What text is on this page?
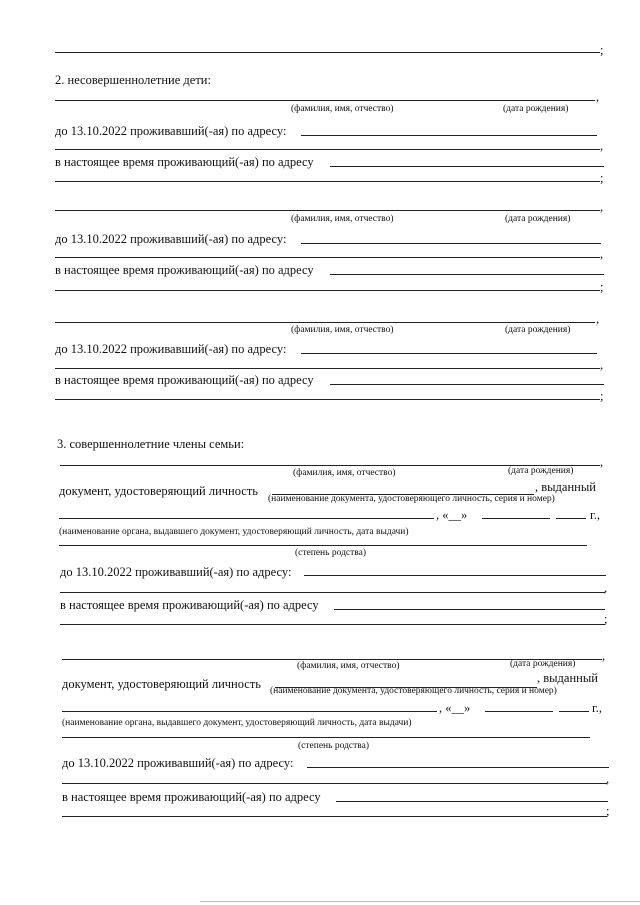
;
2. несовершеннолетние дети:
,
(фамилия, имя, отчество)	(дата рождения)
до 13.10.2022 проживавший(-ая) по адресу:
,
в настоящее время проживающий(-ая) по адресу
;
,
(фамилия, имя, отчество)	(дата рождения)
до 13.10.2022 проживавший(-ая) по адресу:
,
в настоящее время проживающий(-ая) по адресу
;
,
(фамилия, имя, отчество)	(дата рождения)
до 13.10.2022 проживавший(-ая) по адресу:
,
в настоящее время проживающий(-ая) по адресу
;
3. совершеннолетние члены семьи:
,
(фамилия, имя, отчество)	(дата рождения)
документ, удостоверяющий личность	, выданный
(наименование документа, удостоверяющего личность, серия и номер)
, «__»	г.,
(наименование органа, выдавшего документ, удостоверяющий личность, дата выдачи)
(степень родства)
до 13.10.2022 проживавший(-ая) по адресу:
,
в настоящее время проживающий(-ая) по адресу
;
,
(фамилия, имя, отчество)	(дата рождения)
документ, удостоверяющий личность	, выданный
(наименование документа, удостоверяющего личность, серия и номер)
, «__»	г.,
(наименование органа, выдавшего документ, удостоверяющий личность, дата выдачи)
(степень родства)
до 13.10.2022 проживавший(-ая) по адресу:
,
в настоящее время проживающий(-ая) по адресу
;
